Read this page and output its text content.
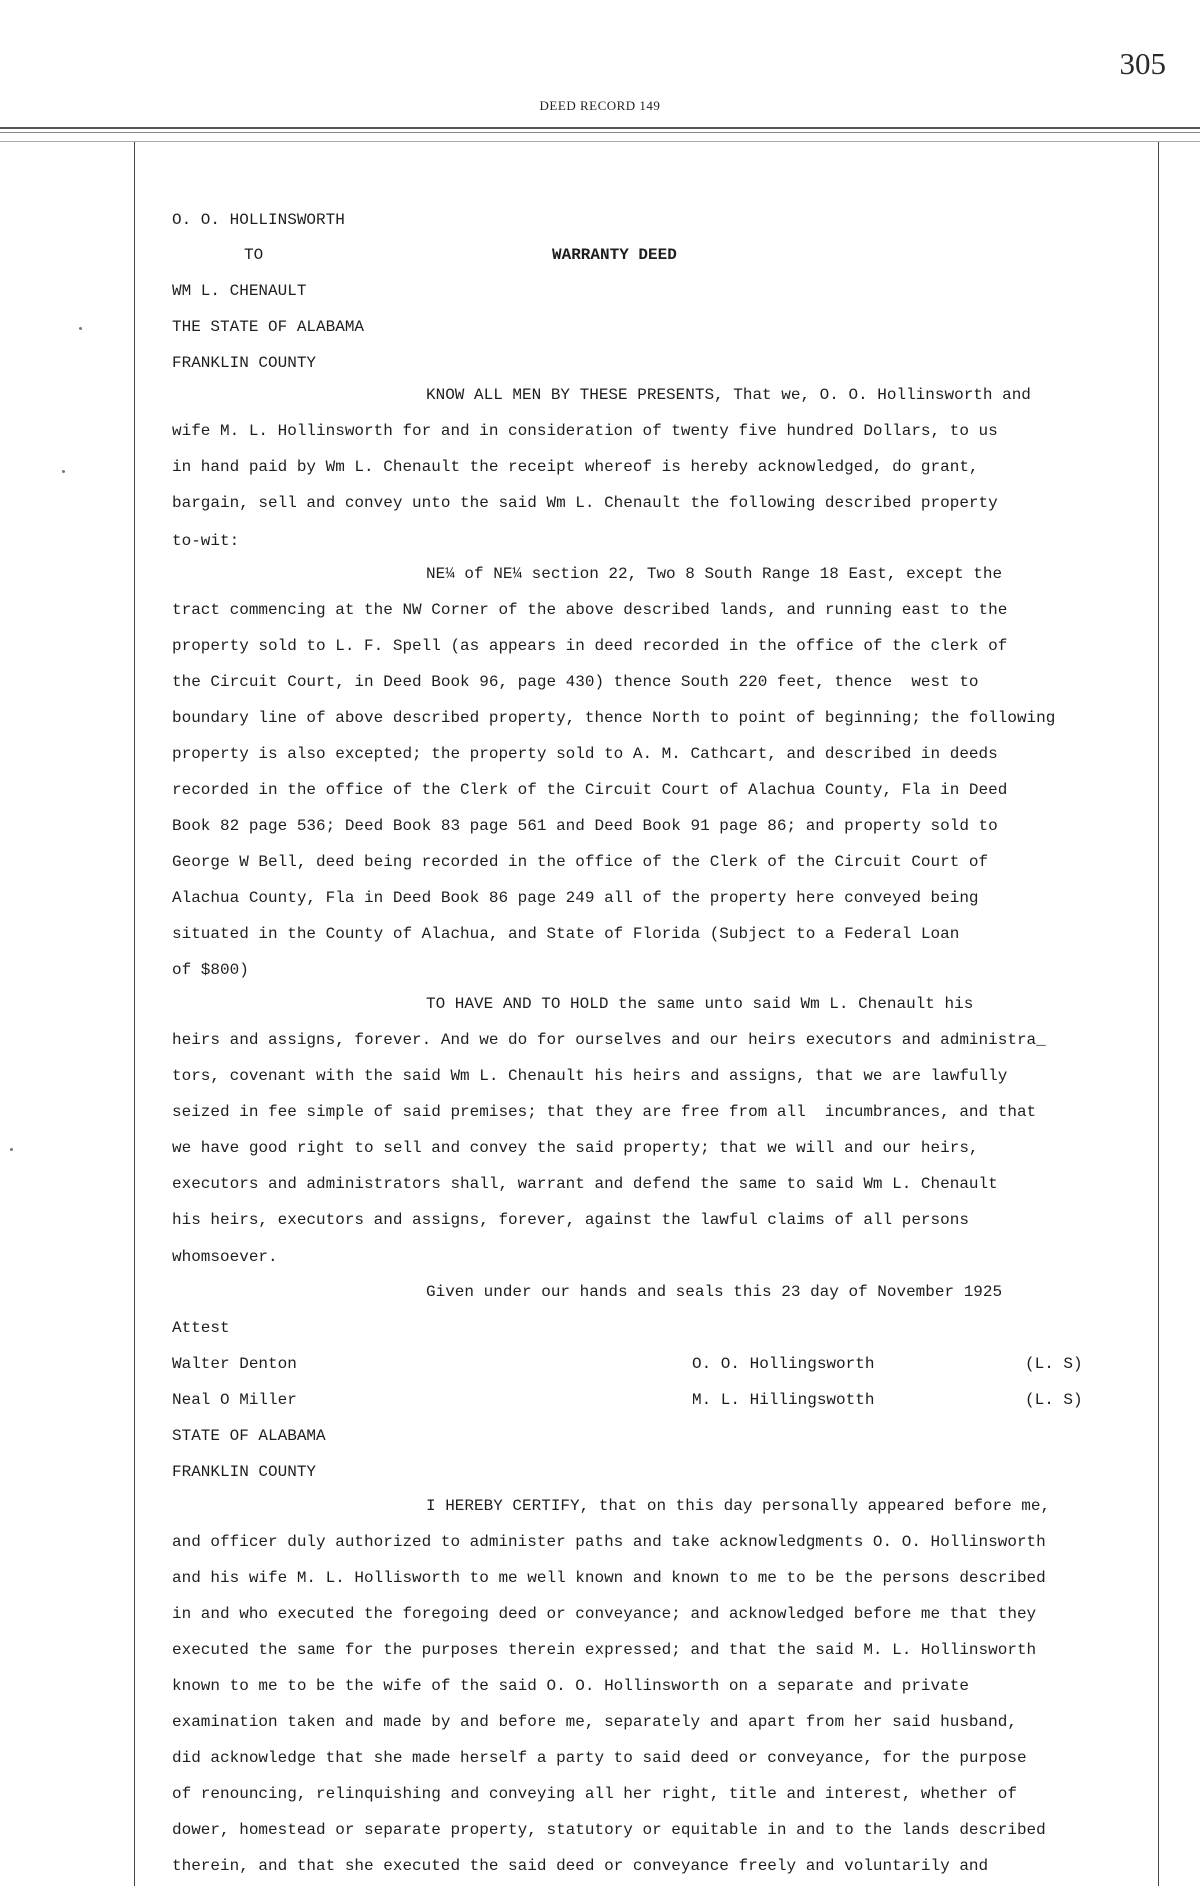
305
DEED RECORD 149
O. O. HOLLINSWORTH
TO	WARRANTY DEED
WM L. CHENAULT
THE STATE OF ALABAMA
FRANKLIN COUNTY
KNOW ALL MEN BY THESE PRESENTS, That we, O. O. Hollinsworth and
wife M. L. Hollinsworth for and in consideration of twenty five hundred Dollars, to us
in hand paid by Wm L. Chenault the receipt whereof is hereby acknowledged, do grant,
bargain, sell and convey unto the said Wm L. Chenault the following described property
to-wit:
NE¼ of NE¼ section 22, Two 8 South Range 18 East, except the
tract commencing at the NW Corner of the above described lands, and running east to the
property sold to L. F. Spell (as appears in deed recorded in the office of the clerk of
the Circuit Court, in Deed Book 96, page 430) thence South 220 feet, thence  west to
boundary line of above described property, thence North to point of beginning; the following
property is also excepted; the property sold to A. M. Cathcart, and described in deeds
recorded in the office of the Clerk of the Circuit Court of Alachua County, Fla in Deed
Book 82 page 536; Deed Book 83 page 561 and Deed Book 91 page 86; and property sold to
George W Bell, deed being recorded in the office of the Clerk of the Circuit Court of
Alachua County, Fla in Deed Book 86 page 249 all of the property here conveyed being
situated in the County of Alachua, and State of Florida (Subject to a Federal Loan
of $800)
TO HAVE AND TO HOLD the same unto said Wm L. Chenault his
heirs and assigns, forever. And we do for ourselves and our heirs executors and administra_
tors, covenant with the said Wm L. Chenault his heirs and assigns, that we are lawfully
seized in fee simple of said premises; that they are free from all  incumbrances, and that
we have good right to sell and convey the said property; that we will and our heirs,
executors and administrators shall, warrant and defend the same to said Wm L. Chenault
his heirs, executors and assigns, forever, against the lawful claims of all persons
whomsoever.
Given under our hands and seals this 23 day of November 1925
Attest
Walter Denton	O. O. Hollingsworth	(L. S)
Neal O Miller	M. L. Hillingswotth	(L. S)
STATE OF ALABAMA
FRANKLIN COUNTY
I HEREBY CERTIFY, that on this day personally appeared before me,
and officer duly authorized to administer paths and take acknowledgments O. O. Hollinsworth
and his wife M. L. Hollisworth to me well known and known to me to be the persons described
in and who executed the foregoing deed or conveyance; and acknowledged before me that they
executed the same for the purposes therein expressed; and that the said M. L. Hollinsworth
known to me to be the wife of the said O. O. Hollinsworth on a separate and private
examination taken and made by and before me, separately and apart from her said husband,
did acknowledge that she made herself a party to said deed or conveyance, for the purpose
of renouncing, relinquishing and conveying all her right, title and interest, whether of
dower, homestead or separate property, statutory or equitable in and to the lands described
therein, and that she executed the said deed or conveyance freely and voluntarily and
